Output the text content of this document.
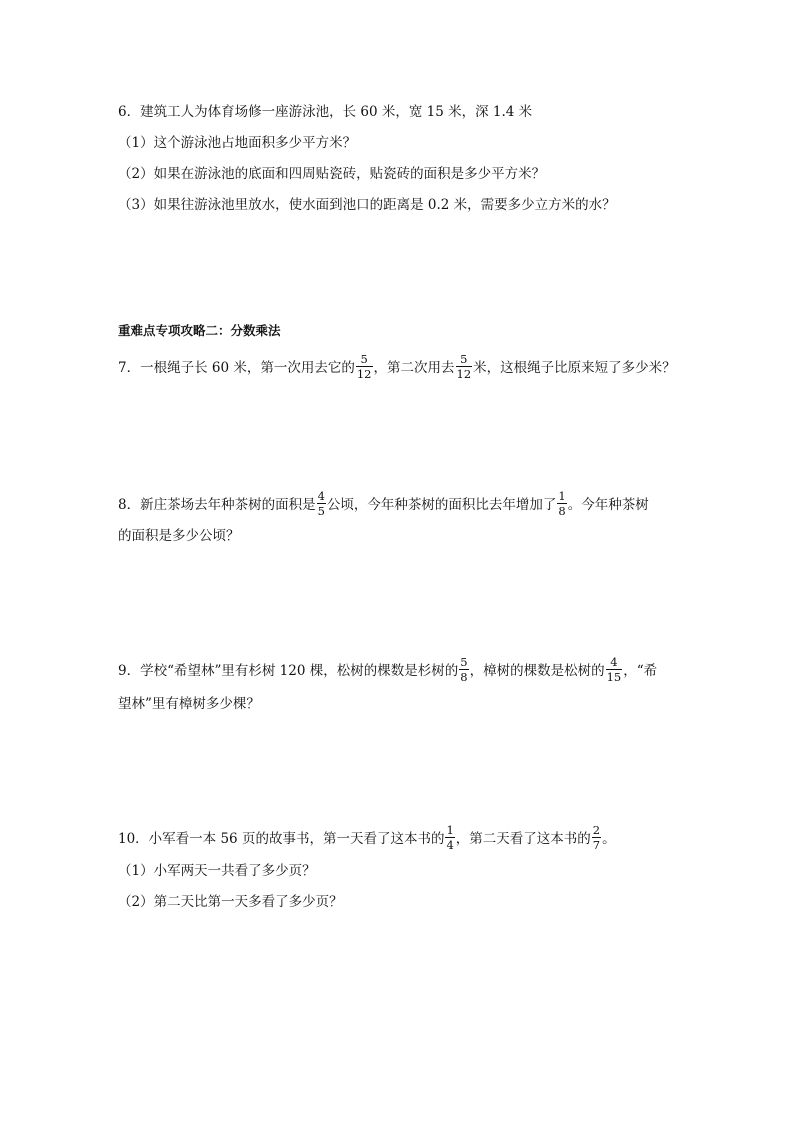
6．建筑工人为体育场修一座游泳池，长 60 米，宽 15 米，深 1.4 米
（1）这个游泳池占地面积多少平方米？
（2）如果在游泳池的底面和四周贴瓷砖，贴瓷砖的面积是多少平方米？
（3）如果往游泳池里放水，使水面到池口的距离是 0.2 米，需要多少立方米的水？
重难点专项攻略二：分数乘法
7．一根绳子长 60 米，第一次用去它的 $\frac{5}{12}$ ，第二次用去 $\frac{5}{12}$ 米，这根绳子比原来短了多少米？
8．新庄茶场去年种茶树的面积是 $\frac{4}{5}$ 公顷，今年种茶树的面积比去年增加了 $\frac{1}{8}$ 。今年种茶树
的面积是多少公顷？
9．学校“希望林”里有杉树 120 棵，松树的棵数是杉树的 $\frac{5}{8}$ ，樟树的棵数是松树的 $\frac{4}{15}$ ，“希
望林”里有樟树多少棵？
10．小军看一本 56 页的故事书，第一天看了这本书的 $\frac{1}{4}$ ，第二天看了这本书的 $\frac{2}{7}$ 。
（1）小军两天一共看了多少页？
（2）第二天比第一天多看了多少页？
